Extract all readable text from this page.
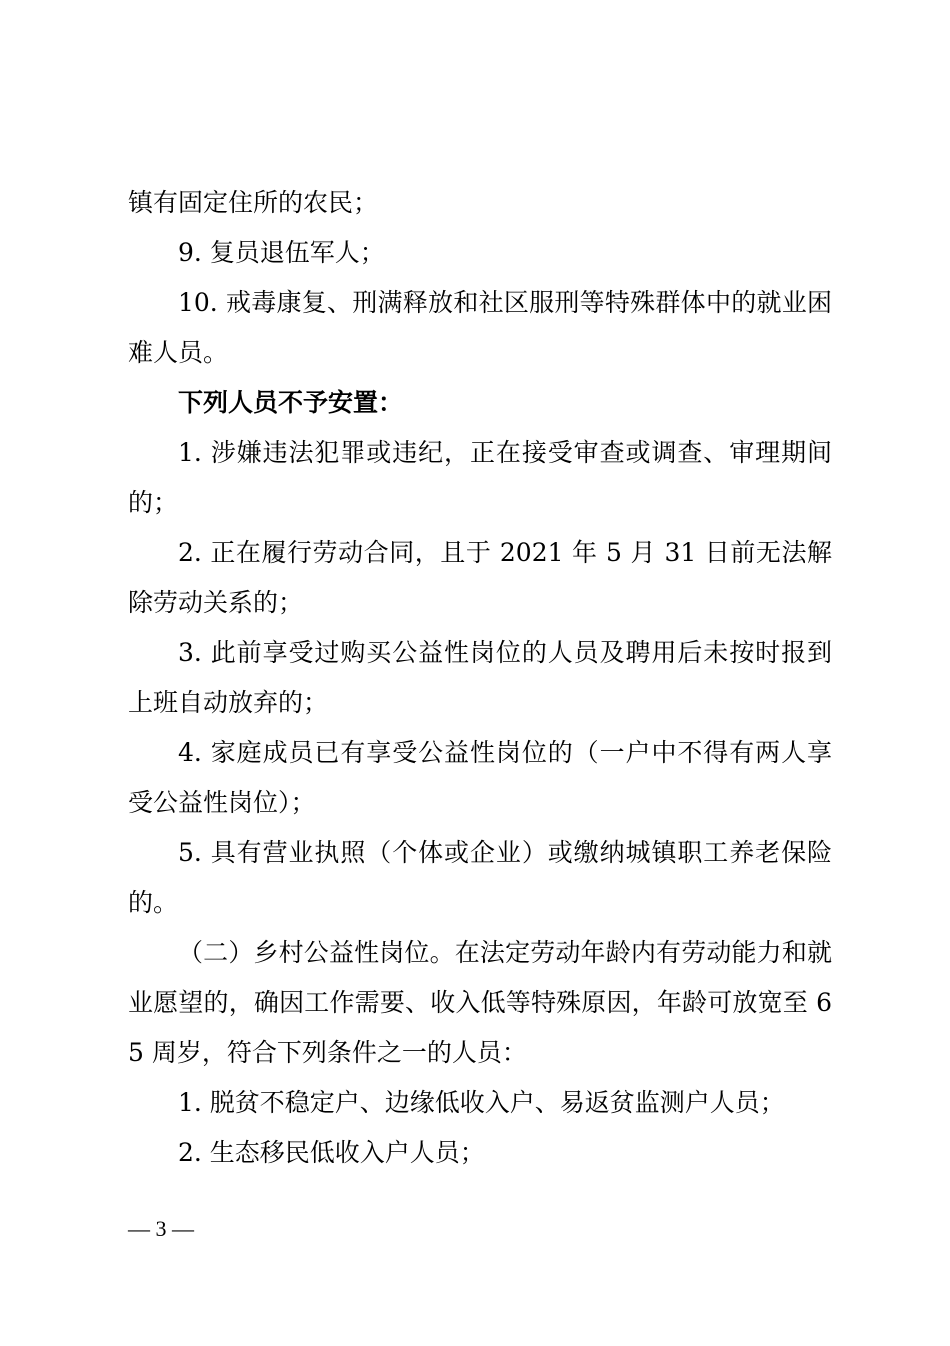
镇有固定住所的农民；

9. 复员退伍军人；

10. 戒毒康复、刑满释放和社区服刑等特殊群体中的就业困难人员。

下列人员不予安置：

1. 涉嫌违法犯罪或违纪，正在接受审查或调查、审理期间的；

2. 正在履行劳动合同，且于 2021 年 5 月 31 日前无法解除劳动关系的；

3. 此前享受过购买公益性岗位的人员及聘用后未按时报到上班自动放弃的；

4. 家庭成员已有享受公益性岗位的（一户中不得有两人享受公益性岗位）；

5. 具有营业执照（个体或企业）或缴纳城镇职工养老保险的。

（二）乡村公益性岗位。在法定劳动年龄内有劳动能力和就业愿望的，确因工作需要、收入低等特殊原因，年龄可放宽至 65 周岁，符合下列条件之一的人员：

1. 脱贫不稳定户、边缘低收入户、易返贫监测户人员；

2. 生态移民低收入户人员；

— 3 —
